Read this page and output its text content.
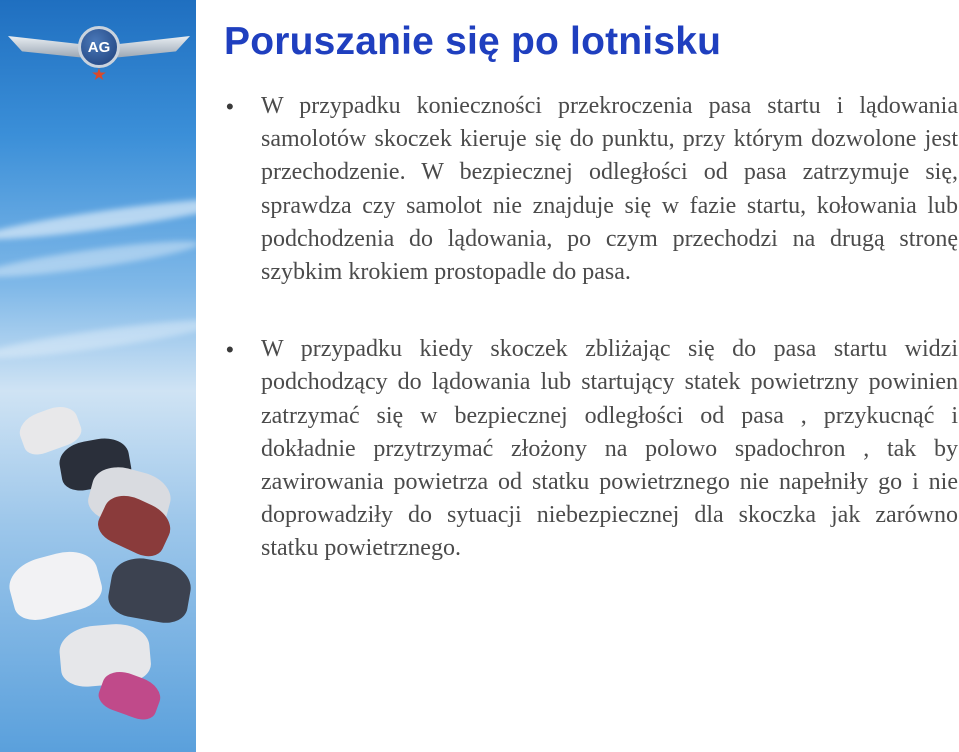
AG	Poruszanie się po lotnisku
• W przypadku konieczności przekroczenia pasa startu i lądowania samolotów skoczek kieruje się do punktu, przy którym dozwolone jest przechodzenie. W bezpiecznej odległości od pasa zatrzymuje się, sprawdza czy samolot nie znajduje się w fazie startu, kołowania lub podchodzenia do lądowania, po czym przechodzi na drugą stronę szybkim krokiem prostopadle do pasa.

• W przypadku kiedy skoczek zbliżając się do pasa startu widzi podchodzący do lądowania lub startujący statek powietrzny powinien zatrzymać się w bezpiecznej odległości od pasa , przykucnąć i dokładnie przytrzymać złożony na polowo spadochron , tak by zawirowania powietrza od statku powietrznego nie napełniły go i nie doprowadziły do sytuacji niebezpiecznej dla skoczka jak zarówno statku powietrznego.
